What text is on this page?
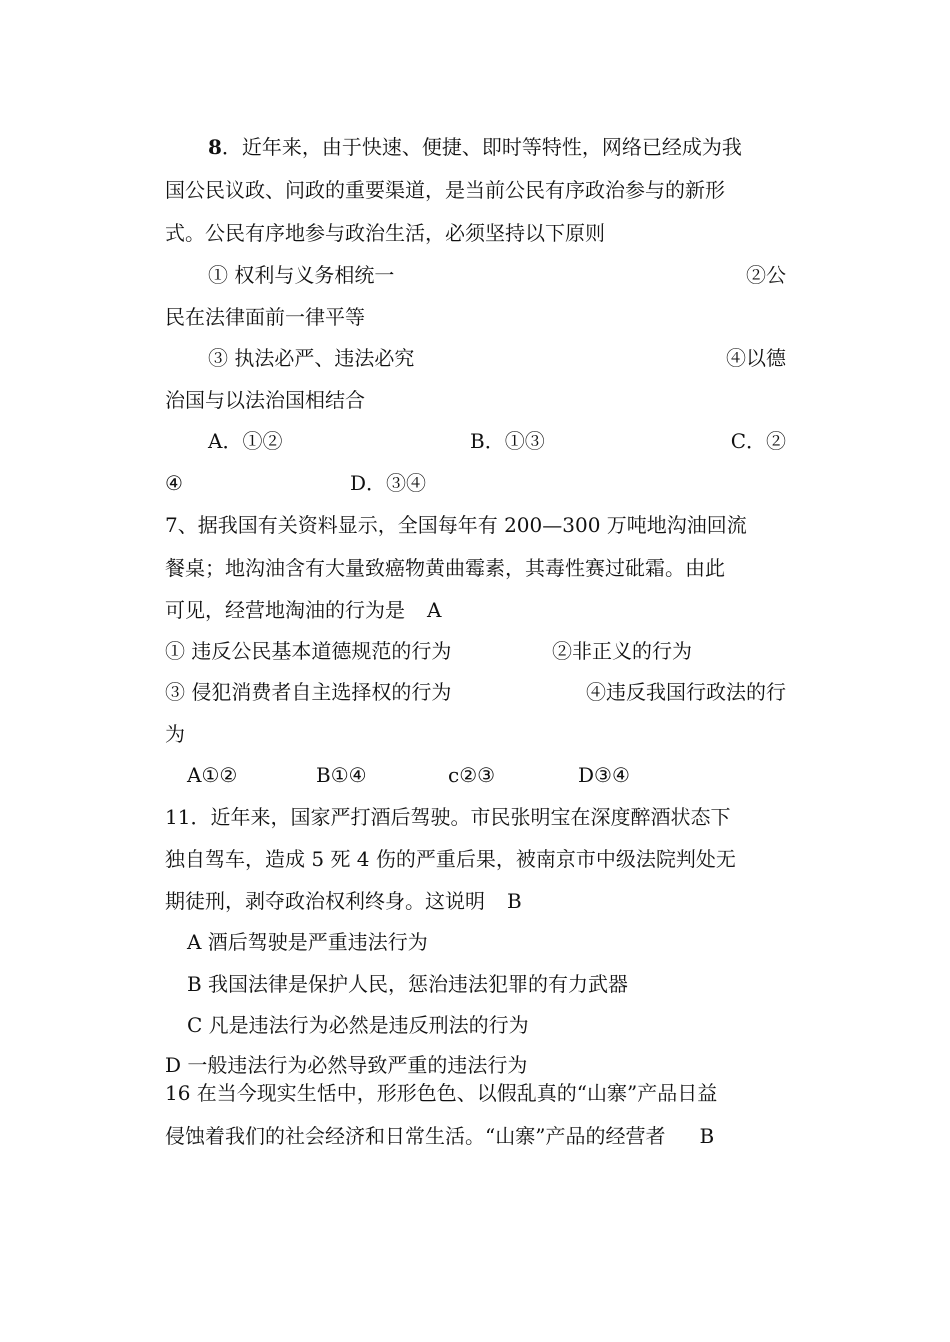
8．近年来，由于快速、便捷、即时等特性，网络已经成为我
国公民议政、问政的重要渠道，是当前公民有序政治参与的新形
式。公民有序地参与政治生活，必须坚持以下原则
① 权利与义务相统一	②公
民在法律面前一律平等
③ 执法必严、违法必究	④以德
治国与以法治国相结合
A．①②	B．①③	C．②
④	D．③④
7、据我国有关资料显示，全国每年有 200—300 万吨地沟油回流
餐桌；地沟油含有大量致癌物黄曲霉素，其毒性赛过砒霜。由此
可见，经营地淘油的行为是 A
① 违反公民基本道德规范的行为	②非正义的行为
③ 侵犯消费者自主选择权的行为	④违反我国行政法的行
为
A①②	B①④	c②③	D③④
11．近年来，国家严打酒后驾驶。市民张明宝在深度醉酒状态下
独自驾车，造成 5 死 4 伤的严重后果，被南京市中级法院判处无
期徒刑，剥夺政治权利终身。这说明 B
A 酒后驾驶是严重违法行为
B 我国法律是保护人民，惩治违法犯罪的有力武器
C 凡是违法行为必然是违反刑法的行为
D 一般违法行为必然导致严重的违法行为
16 在当今现实生恬中，形形色色、以假乱真的“山寨”产品日益
侵蚀着我们的社会经济和日常生活。“山寨”产品的经营者 B
